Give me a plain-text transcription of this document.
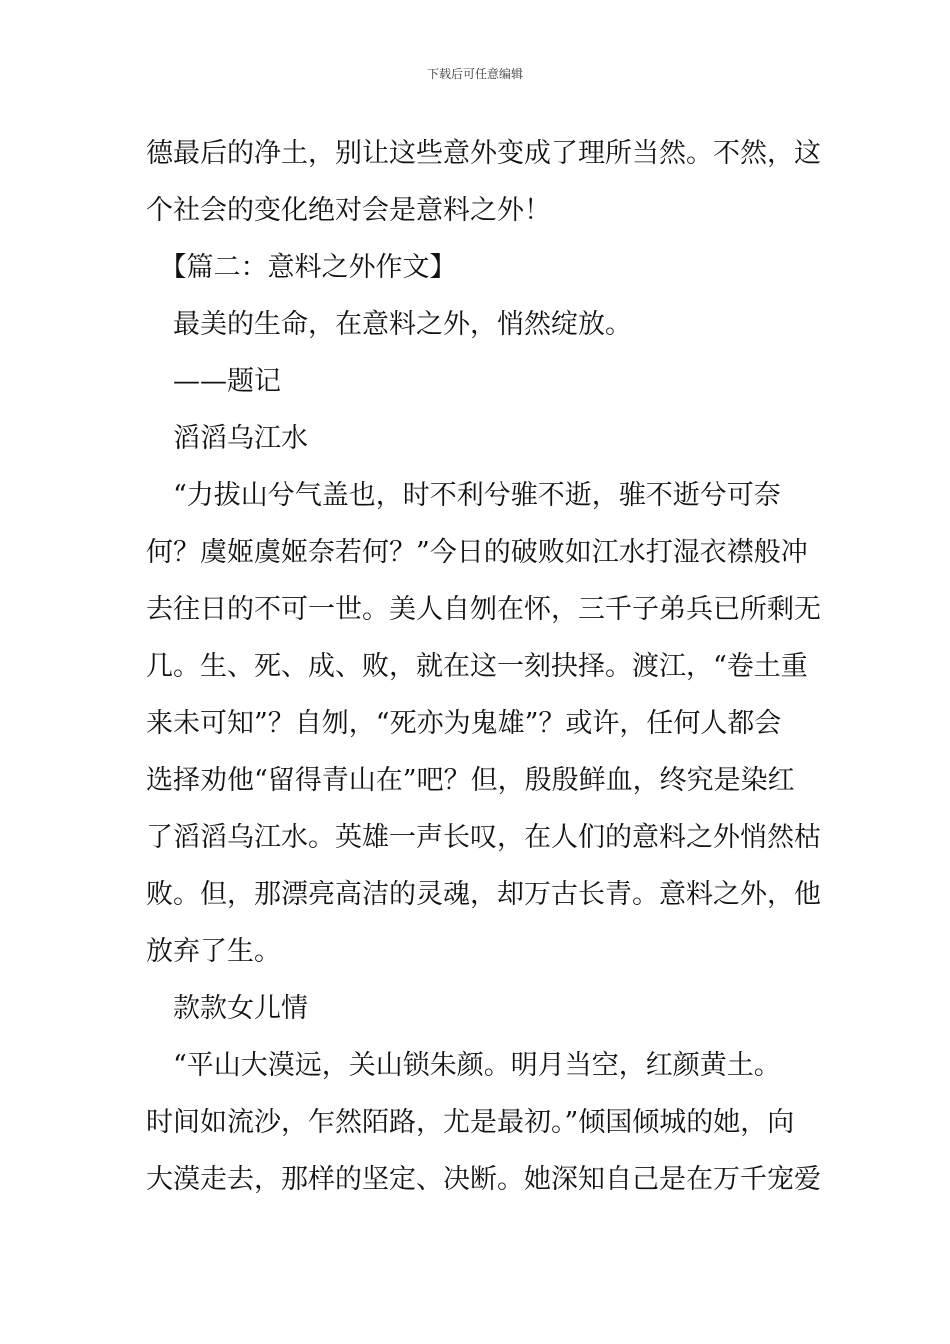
下载后可任意编辑
德最后的净土，别让这些意外变成了理所当然。不然，这
个社会的变化绝对会是意料之外！
　【篇二：意料之外作文】
　最美的生命，在意料之外，悄然绽放。
　——题记
　滔滔乌江水
　“力拔山兮气盖也，时不利兮骓不逝，骓不逝兮可奈
何？虞姬虞姬奈若何？”今日的破败如江水打湿衣襟般冲
去往日的不可一世。美人自刎在怀，三千子弟兵已所剩无
几。生、死、成、败，就在这一刻抉择。渡江，“卷土重
来未可知”？自刎，“死亦为鬼雄”？或许，任何人都会
选择劝他“留得青山在”吧？但，殷殷鲜血，终究是染红
了滔滔乌江水。英雄一声长叹，在人们的意料之外悄然枯
败。但，那漂亮高洁的灵魂，却万古长青。意料之外，他
放弃了生。
　款款女儿情
　“平山大漠远，关山锁朱颜。明月当空，红颜黄土。
时间如流沙，乍然陌路，尤是最初。”倾国倾城的她，向
大漠走去，那样的坚定、决断。她深知自己是在万千宠爱
